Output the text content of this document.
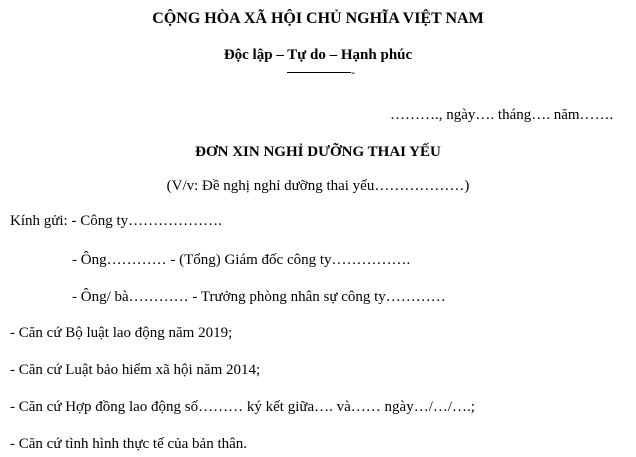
CỘNG HÒA XÃ HỘI CHỦ NGHĨA VIỆT NAM
Độc lập – Tự do – Hạnh phúc
-
………., ngày…. tháng…. năm…….
ĐƠN XIN NGHỈ DƯỠNG THAI YẾU
(V/v: Đề nghị nghỉ dưỡng thai yếu………………)
Kính gửi: - Công ty……………….
- Ông………… - (Tổng) Giám đốc công ty…………….
- Ông/ bà………… - Trưởng phòng nhân sự công ty…………
- Căn cứ Bộ luật lao động năm 2019;
- Căn cứ Luật bảo hiểm xã hội năm 2014;
- Căn cứ Hợp đồng lao động số……… ký kết giữa…. và…… ngày…/…/….;
- Căn cứ tình hình thực tế của bản thân.
